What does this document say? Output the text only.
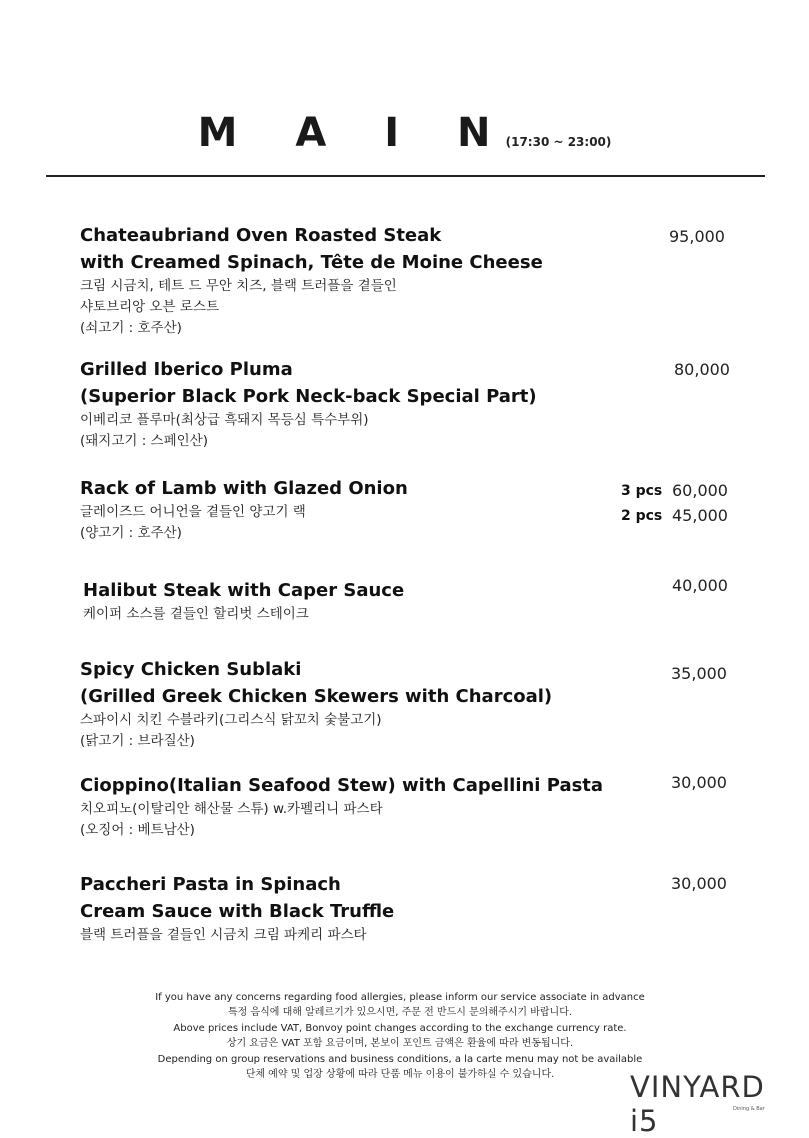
M A I N (17:30 ~ 23:00)
Chateaubriand Oven Roasted Steak
with Creamed Spinach, Tête de Moine Cheese
크림 시금치, 테트 드 무안 치즈, 블랙 트러플을 곁들인
샤토브리앙 오븐 로스트
(쇠고기 : 호주산)
95,000
Grilled Iberico Pluma
(Superior Black Pork Neck-back Special Part)
이베리코 플루마(최상급 흑돼지 목등심 특수부위)
(돼지고기 : 스페인산)
80,000
Rack of Lamb with Glazed Onion
글레이즈드 어니언을 곁들인 양고기 랙
(양고기 : 호주산)
3 pcs 60,000
2 pcs 45,000
Halibut Steak with Caper Sauce
케이퍼 소스를 곁들인 할리벗 스테이크
40,000
Spicy Chicken Sublaki
(Grilled Greek Chicken Skewers with Charcoal)
스파이시 치킨 수블라키(그리스식 닭꼬치 숯불고기)
(닭고기 : 브라질산)
35,000
Cioppino(Italian Seafood Stew) with Capellini Pasta
치오피노(이탈리안 해산물 스튜) w.카펠리니 파스타
(오징어 : 베트남산)
30,000
Paccheri Pasta in Spinach
Cream Sauce with Black Truffle
블랙 트러플을 곁들인 시금치 크림 파케리 파스타
30,000
If you have any concerns regarding food allergies, please inform our service associate in advance
특정 음식에 대해 알레르기가 있으시면, 주문 전 반드시 문의해주시기 바랍니다.
Above prices include VAT, Bonvoy point changes according to the exchange currency rate.
상기 요금은 VAT 포함 요금이며, 본보이 포인트 금액은 환율에 따라 변동됩니다.
Depending on group reservations and business conditions, a la carte menu may not be available
단체 예약 및 업장 상황에 따라 단품 메뉴 이용이 불가하실 수 있습니다.	VINYARD i5	Dining & Bar
